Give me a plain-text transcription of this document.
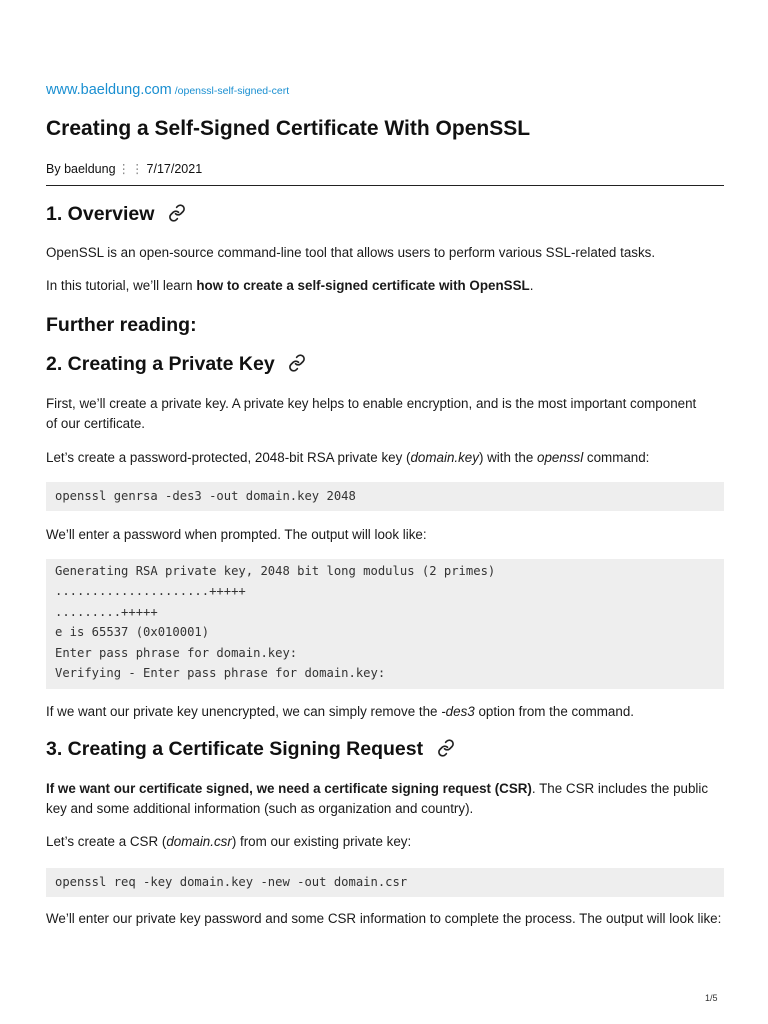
www.baeldung.com /openssl-self-signed-cert
Creating a Self-Signed Certificate With OpenSSL
By baeldung ⋮⋮ 7/17/2021
1. Overview

OpenSSL is an open-source command-line tool that allows users to perform various SSL-related tasks.

In this tutorial, we’ll learn how to create a self-signed certificate with OpenSSL.

Further reading:
2. Creating a Private Key

First, we’ll create a private key. A private key helps to enable encryption, and is the most important component of our certificate.

Let’s create a password-protected, 2048-bit RSA private key (domain.key) with the openssl command:

openssl genrsa -des3 -out domain.key 2048

We’ll enter a password when prompted. The output will look like:

Generating RSA private key, 2048 bit long modulus (2 primes)
.....................+++++
.........+++++
e is 65537 (0x010001)
Enter pass phrase for domain.key:
Verifying - Enter pass phrase for domain.key:

If we want our private key unencrypted, we can simply remove the -des3 option from the command.

3. Creating a Certificate Signing Request

If we want our certificate signed, we need a certificate signing request (CSR). The CSR includes the public key and some additional information (such as organization and country).

Let’s create a CSR (domain.csr) from our existing private key:

openssl req -key domain.key -new -out domain.csr

We’ll enter our private key password and some CSR information to complete the process. The output will look like:

1/5
